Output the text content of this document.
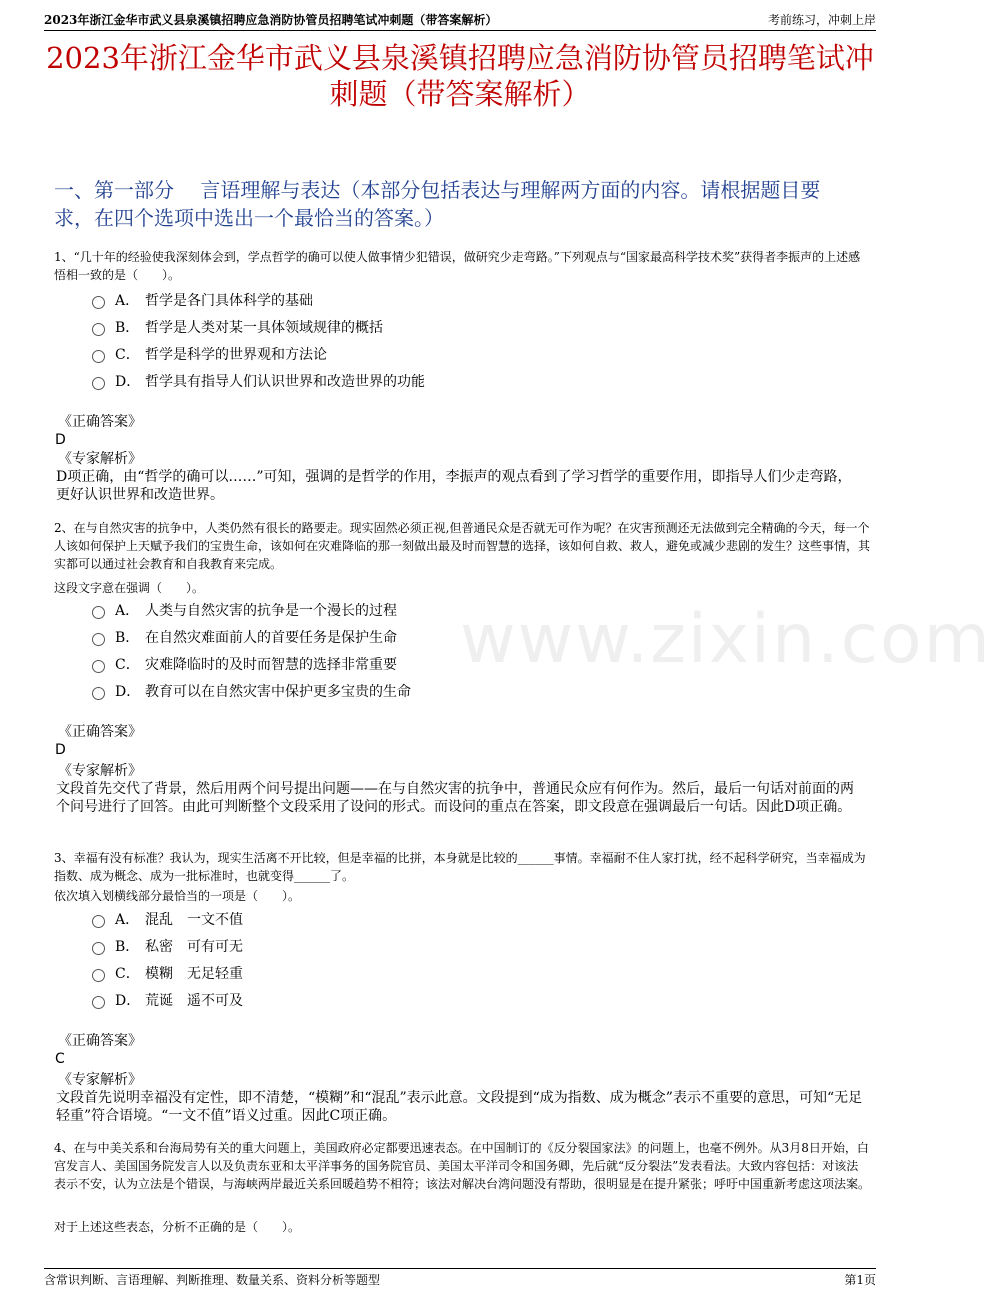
2023年浙江金华市武义县泉溪镇招聘应急消防协管员招聘笔试冲刺题（带答案解析）	考前练习，冲刺上岸
2023年浙江金华市武义县泉溪镇招聘应急消防协管员招聘笔试冲刺题（带答案解析）
一、第一部分　 言语理解与表达（本部分包括表达与理解两方面的内容。请根据题目要求，在四个选项中选出一个最恰当的答案。）

1、“几十年的经验使我深刻体会到，学点哲学的确可以使人做事情少犯错误，做研究少走弯路。”下列观点与“国家最高科学技术奖”获得者李振声的上述感悟相一致的是（　　）。

A． 哲学是各门具体科学的基础
B． 哲学是人类对某一具体领域规律的概括
C． 哲学是科学的世界观和方法论
D． 哲学具有指导人们认识世界和改造世界的功能
《正确答案》
D
《专家解析》

D项正确，由“哲学的确可以……”可知，强调的是哲学的作用，李振声的观点看到了学习哲学的重要作用，即指导人们少走弯路，更好认识世界和改造世界。

2、在与自然灾害的抗争中，人类仍然有很长的路要走。现实固然必须正视,但普通民众是否就无可作为呢？在灾害预测还无法做到完全精确的今天，每一个人该如何保护上天赋予我们的宝贵生命，该如何在灾难降临的那一刻做出最及时而智慧的选择，该如何自救、救人，避免或减少悲剧的发生？这些事情，其实都可以通过社会教育和自我教育来完成。

这段文字意在强调（　　）。

A． 人类与自然灾害的抗争是一个漫长的过程
B． 在自然灾难面前人的首要任务是保护生命
C． 灾难降临时的及时而智慧的选择非常重要
D． 教育可以在自然灾害中保护更多宝贵的生命
《正确答案》
D
《专家解析》

文段首先交代了背景，然后用两个问号提出问题——在与自然灾害的抗争中，普通民众应有何作为。然后，最后一句话对前面的两个问号进行了回答。由此可判断整个文段采用了设问的形式。而设问的重点在答案，即文段意在强调最后一句话。因此D项正确。

3、幸福有没有标准？我认为，现实生活离不开比较，但是幸福的比拼，本身就是比较的______事情。幸福耐不住人家打扰，经不起科学研究，当幸福成为指数、成为概念、成为一批标准时，也就变得______了。

依次填入划横线部分最恰当的一项是（　　）。

A． 混乱　一文不值
B． 私密　可有可无
C． 模糊　无足轻重
D． 荒诞　遥不可及
《正确答案》
C
《专家解析》

文段首先说明幸福没有定性，即不清楚，“模糊”和“混乱”表示此意。文段提到“成为指数、成为概念”表示不重要的意思，可知“无足轻重”符合语境。“一文不值”语义过重。因此C项正确。

4、在与中美关系和台海局势有关的重大问题上，美国政府必定都要迅速表态。在中国制订的《反分裂国家法》的问题上，也毫不例外。从3月8日开始，白宫发言人、美国国务院发言人以及负责东亚和太平洋事务的国务院官员、美国太平洋司令和国务卿，先后就“反分裂法”发表看法。大致内容包括：对该法表示不安，认为立法是个错误，与海峡两岸最近关系回暖趋势不相符；该法对解决台湾问题没有帮助，很明显是在提升紧张；呼吁中国重新考虑这项法案。

对于上述这些表态，分析不正确的是（　　）。

www.zixin.com
含常识判断、言语理解、判断推理、数量关系、资料分析等题型	第1页
